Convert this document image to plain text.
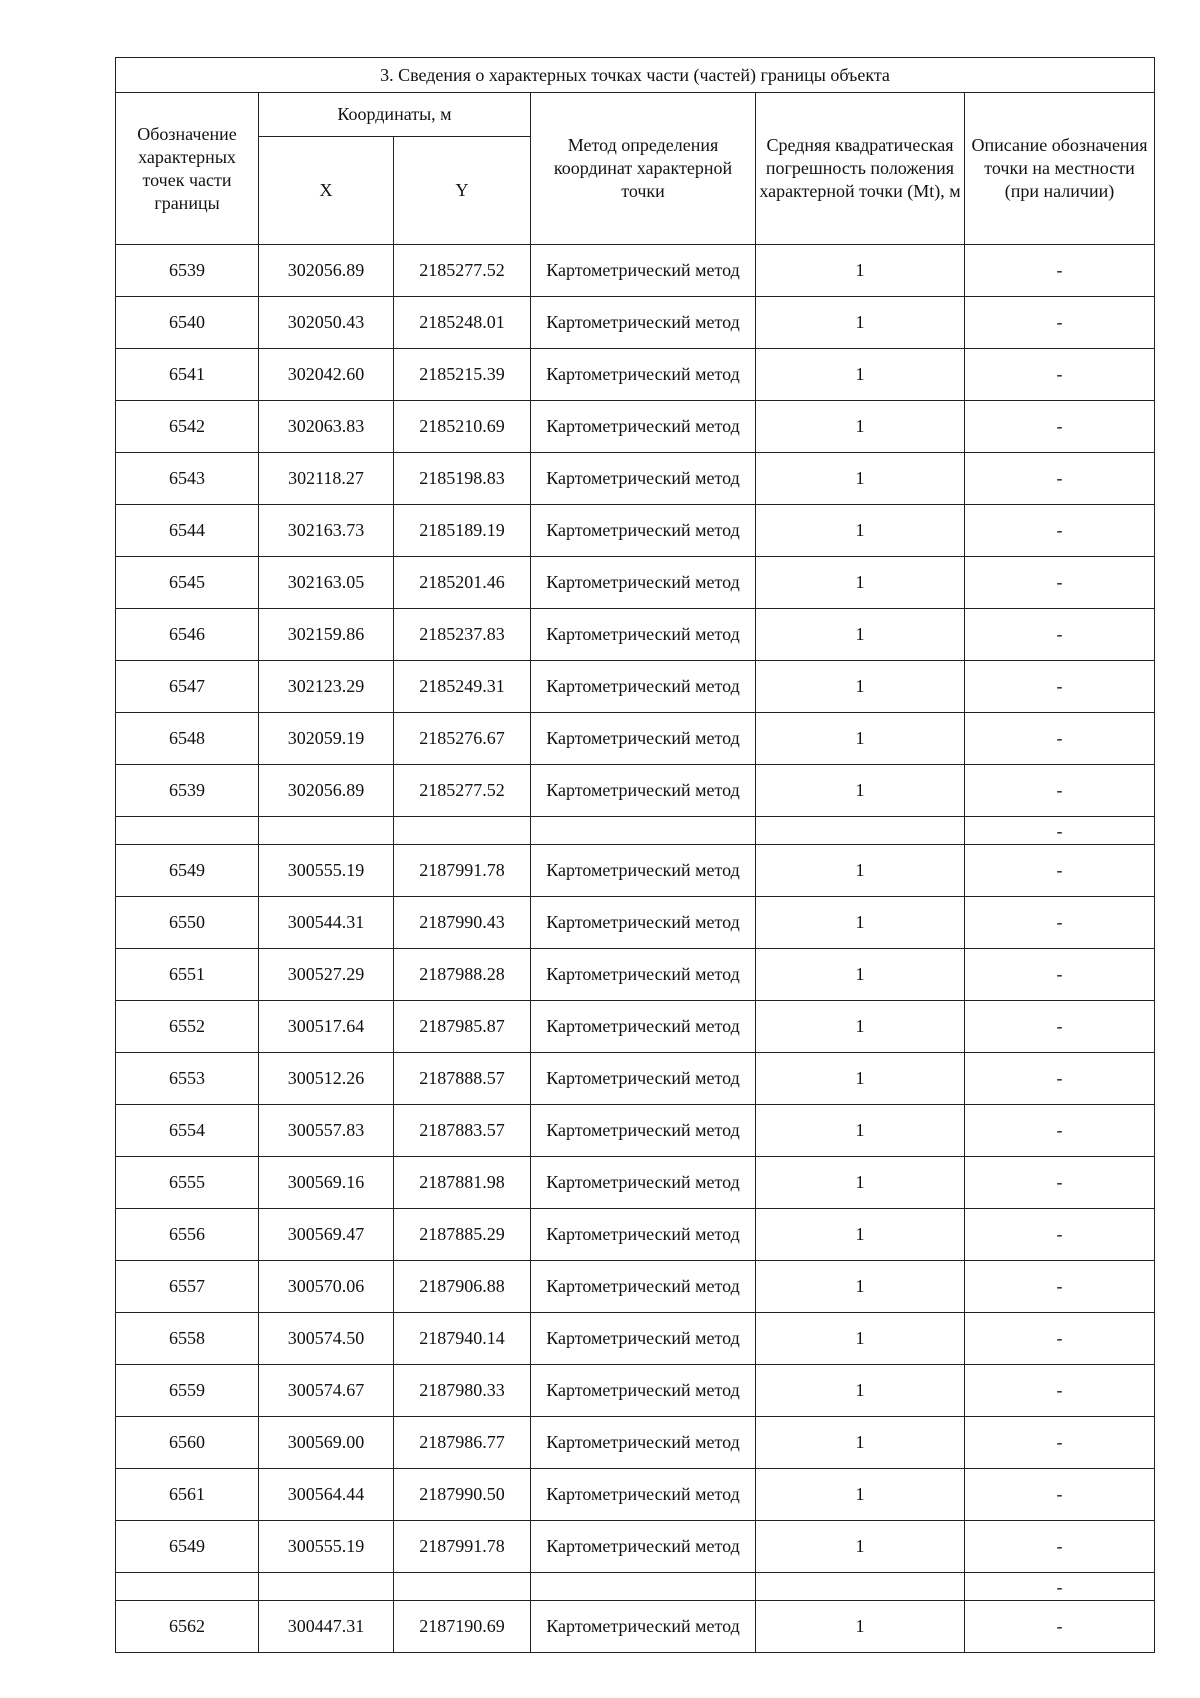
3. Сведения о характерных точках части (частей) границы объекта					
Обозначение характерных точек части границы	Координаты, м		Метод определения координат характерной точки	Средняя квадратическая погрешность положения характерной точки (Mt), м	Описание обозначения точки на местности (при наличии)
	X	Y			
6539	302056.89	2185277.52	Картометрический метод	1	-
6540	302050.43	2185248.01	Картометрический метод	1	-
6541	302042.60	2185215.39	Картометрический метод	1	-
6542	302063.83	2185210.69	Картометрический метод	1	-
6543	302118.27	2185198.83	Картометрический метод	1	-
6544	302163.73	2185189.19	Картометрический метод	1	-
6545	302163.05	2185201.46	Картометрический метод	1	-
6546	302159.86	2185237.83	Картометрический метод	1	-
6547	302123.29	2185249.31	Картометрический метод	1	-
6548	302059.19	2185276.67	Картометрический метод	1	-
6539	302056.89	2185277.52	Картометрический метод	1	-
					-
6549	300555.19	2187991.78	Картометрический метод	1	-
6550	300544.31	2187990.43	Картометрический метод	1	-
6551	300527.29	2187988.28	Картометрический метод	1	-
6552	300517.64	2187985.87	Картометрический метод	1	-
6553	300512.26	2187888.57	Картометрический метод	1	-
6554	300557.83	2187883.57	Картометрический метод	1	-
6555	300569.16	2187881.98	Картометрический метод	1	-
6556	300569.47	2187885.29	Картометрический метод	1	-
6557	300570.06	2187906.88	Картометрический метод	1	-
6558	300574.50	2187940.14	Картометрический метод	1	-
6559	300574.67	2187980.33	Картометрический метод	1	-
6560	300569.00	2187986.77	Картометрический метод	1	-
6561	300564.44	2187990.50	Картометрический метод	1	-
6549	300555.19	2187991.78	Картометрический метод	1	-
					-
6562	300447.31	2187190.69	Картометрический метод	1	-
